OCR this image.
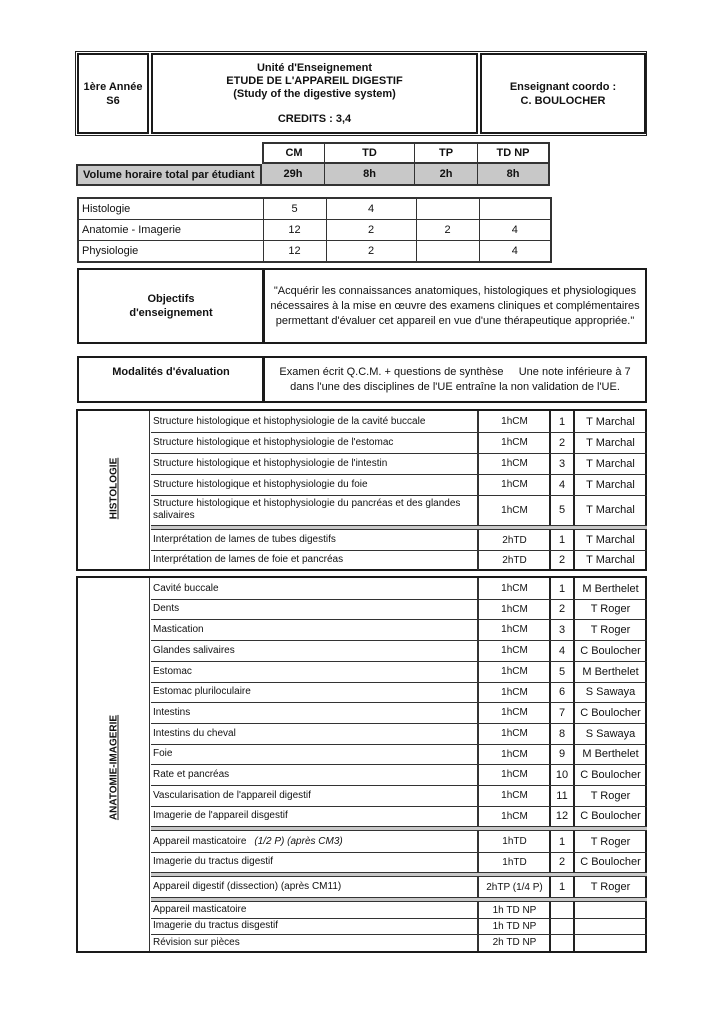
1ère Année
S6
Unité d'Enseignement
ETUDE DE L'APPAREIL DIGESTIF
(Study of the digestive system)
CREDITS : 3,4
Enseignant coordo :
C. BOULOCHER
CM	TD	TP	TD NP
Volume horaire total par étudiant	29h	8h	2h	8h
Histologie	5	4		
Anatomie - Imagerie	12	2	2	4
Physiologie	12	2		4
Objectifs d'enseignement
"Acquérir les connaissances anatomiques, histologiques et physiologiques nécessaires à la mise en œuvre des examens cliniques et complémentaires permettant d'évaluer cet appareil en vue d'une thérapeutique appropriée."
Modalités d'évaluation	Examen écrit Q.C.M. + questions de synthèse     Une note inférieure à 7 dans l'une des disciplines de l'UE entraîne la non validation de l'UE.
HISTOLOGIE
Structure histologique et histophysiologie de la cavité buccale	1hCM	1	T Marchal
Structure histologique et histophysiologie de l'estomac	1hCM	2	T Marchal
Structure histologique et histophysiologie de l'intestin	1hCM	3	T Marchal
Structure histologique et histophysiologie du foie	1hCM	4	T Marchal
Structure histologique et histophysiologie du pancréas et des glandes salivaires	1hCM	5	T Marchal
Interprétation de lames de tubes digestifs	2hTD	1	T Marchal
Interprétation de lames de foie et pancréas	2hTD	2	T Marchal
ANATOMIE-IMAGERIE
Cavité buccale	1hCM	1	M Berthelet
Dents	1hCM	2	T Roger
Mastication	1hCM	3	T Roger
Glandes salivaires	1hCM	4	C Boulocher
Estomac	1hCM	5	M Berthelet
Estomac pluriloculaire	1hCM	6	S Sawaya
Intestins	1hCM	7	C Boulocher
Intestins du cheval	1hCM	8	S Sawaya
Foie	1hCM	9	M Berthelet
Rate et pancréas	1hCM	10	C Boulocher
Vascularisation de l'appareil digestif	1hCM	11	T Roger
Imagerie de l'appareil disgestif	1hCM	12	C Boulocher
Appareil masticatoire (1/2 P) (après CM3)	1hTD	1	T Roger
Imagerie du tractus digestif	1hTD	2	C Boulocher
Appareil digestif (dissection) (après CM11)	2hTP (1/4 P)	1	T Roger
Appareil masticatoire	1h TD NP
Imagerie du tractus disgestif	1h TD NP
Révision sur pièces	2h TD NP
